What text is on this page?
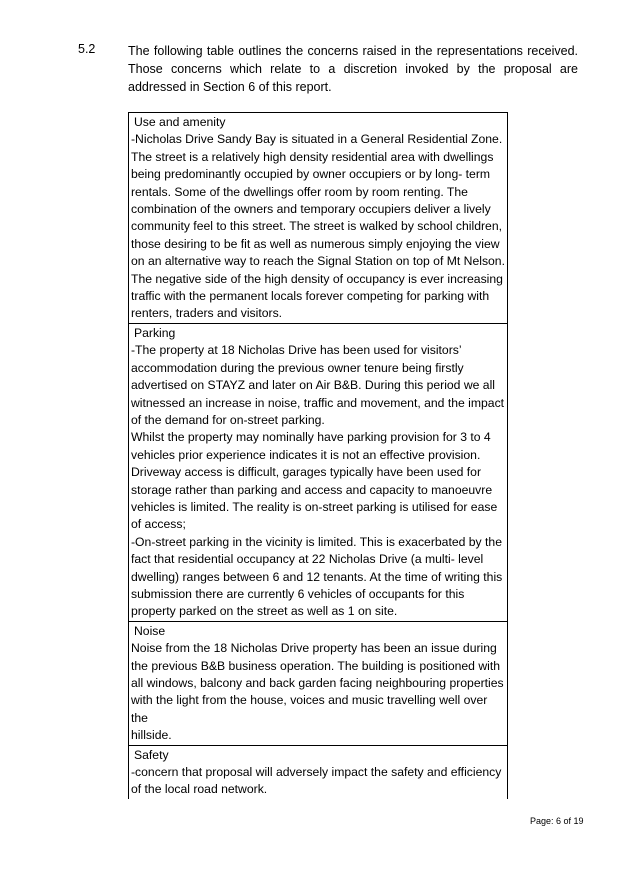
5.2	The following table outlines the concerns raised in the representations received. Those concerns which relate to a discretion invoked by the proposal are addressed in Section 6 of this report.
Use and amenity
-Nicholas Drive Sandy Bay is situated in a General Residential Zone.
The street is a relatively high density residential area with dwellings
being predominantly occupied by owner occupiers or by long- term
rentals. Some of the dwellings offer room by room renting. The
combination of the owners and temporary occupiers deliver a lively
community feel to this street. The street is walked by school children,
those desiring to be fit as well as numerous simply enjoying the view
on an alternative way to reach the Signal Station on top of Mt Nelson.
The negative side of the high density of occupancy is ever increasing
traffic with the permanent locals forever competing for parking with
renters, traders and visitors.

Parking
-The property at 18 Nicholas Drive has been used for visitors’
accommodation during the previous owner tenure being firstly
advertised on STAYZ and later on Air B&B. During this period we all
witnessed an increase in noise, traffic and movement, and the impact
of the demand for on-street parking.
Whilst the property may nominally have parking provision for 3 to 4
vehicles prior experience indicates it is not an effective provision.
Driveway access is difficult, garages typically have been used for
storage rather than parking and access and capacity to manoeuvre
vehicles is limited. The reality is on-street parking is utilised for ease
of access;
-On-street parking in the vicinity is limited. This is exacerbated by the
fact that residential occupancy at 22 Nicholas Drive (a multi- level
dwelling) ranges between 6 and 12 tenants. At the time of writing this
submission there are currently 6 vehicles of occupants for this
property parked on the street as well as 1 on site.

Noise
Noise from the 18 Nicholas Drive property has been an issue during
the previous B&B business operation. The building is positioned with
all windows, balcony and back garden facing neighbouring properties
with the light from the house, voices and music travelling well over the
hillside.

Safety
-concern that proposal will adversely impact the safety and efficiency
of the local road network.
Page: 6 of 19
